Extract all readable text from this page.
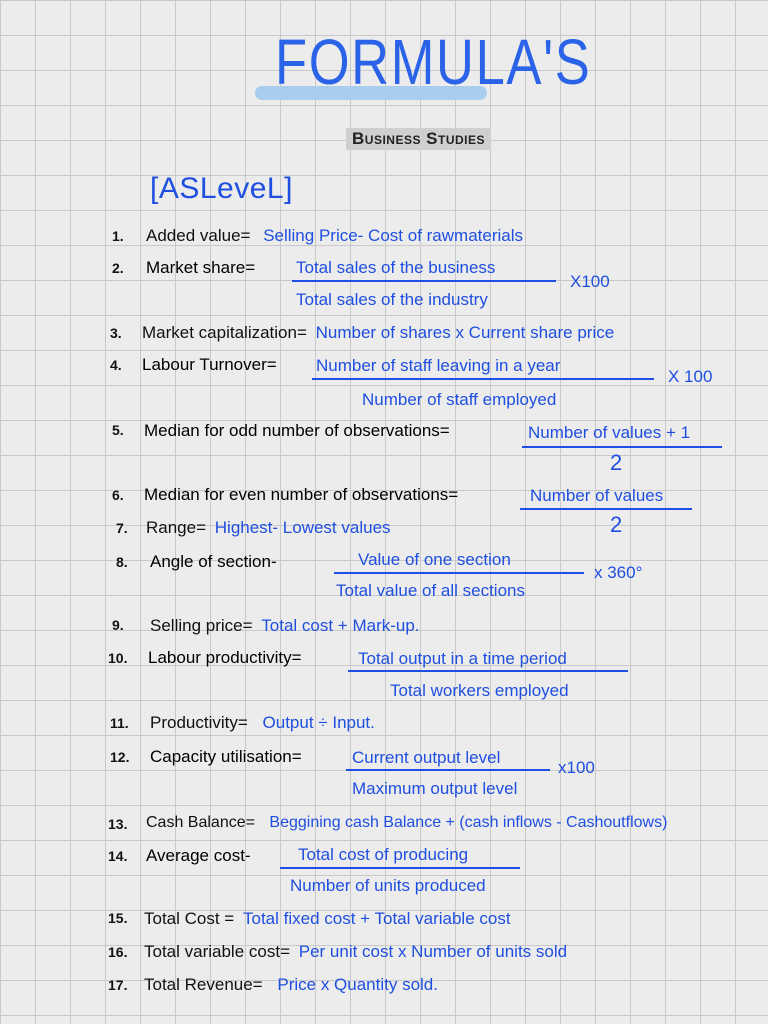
FORMULA'S
Business Studies
[ASLeveL]
1. Added value= Selling Price- Cost of rawmaterials
2. Market share= Total sales of the business
Total sales of the industry
X100
3. Market capitalization= Number of shares x Current share price
4. Labour Turnover= Number of staff leaving in a year
Number of staff employed
X 100
5. Median for odd number of observations=	Number of values + 1
2
6. Median for even number of observations=	Number of values
2
7. Range= Highest- Lowest values
8. Angle of section-	Value of one section
Total value of all sections
x 360°
9. Selling price= Total cost + Mark-up.
10. Labour productivity=	Total output in a time period
Total workers employed
11. Productivity= Output ÷ Input.
12. Capacity utilisation=	Current output level
Maximum output level
x100
13. Cash Balance= Beggining cash Balance + (cash inflows - Cashoutflows)
14. Average cost-	Total cost of producing
Number of units produced
15. Total Cost = Total fixed cost + Total variable cost
16. Total variable cost= Per unit cost x Number of units sold
17. Total Revenue= Price x Quantity sold.
